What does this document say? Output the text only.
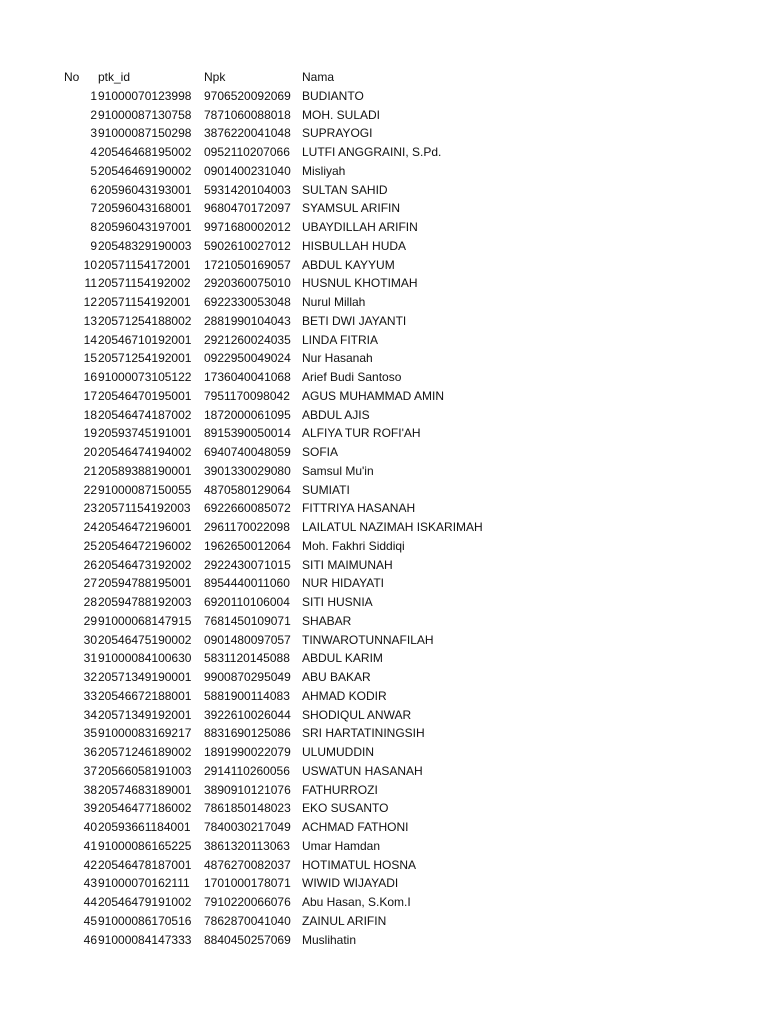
No ptk_id	Npk	Nama
1 91000070123998 9706520092069 BUDIANTO
2 91000087130758 7871060088018 MOH. SULADI
3 91000087150298 3876220041048 SUPRAYOGI
4 20546468195002 0952110207066 LUTFI ANGGRAINI, S.Pd.
5 20546469190002 0901400231040 Misliyah
6 20596043193001 5931420104003 SULTAN SAHID
7 20596043168001 9680470172097 SYAMSUL ARIFIN
8 20596043197001 9971680002012 UBAYDILLAH ARIFIN
9 20548329190003 5902610027012 HISBULLAH HUDA
10 20571154172001 1721050169057 ABDUL KAYYUM
11 20571154192002 2920360075010 HUSNUL KHOTIMAH
12 20571154192001 6922330053048 Nurul Millah
13 20571254188002 2881990104043 BETI DWI JAYANTI
14 20546710192001 2921260024035 LINDA FITRIA
15 20571254192001 0922950049024 Nur Hasanah
16 91000073105122 1736040041068 Arief Budi Santoso
17 20546470195001 7951170098042 AGUS MUHAMMAD AMIN
18 20546474187002 1872000061095 ABDUL AJIS
19 20593745191001 8915390050014 ALFIYA TUR ROFI'AH
20 20546474194002 6940740048059 SOFIA
21 20589388190001 3901330029080 Samsul Mu'in
22 91000087150055 4870580129064 SUMIATI
23 20571154192003 6922660085072 FITTRIYA HASANAH
24 20546472196001 2961170022098 LAILATUL NAZIMAH ISKARIMAH
25 20546472196002 1962650012064 Moh. Fakhri Siddiqi
26 20546473192002 2922430071015 SITI MAIMUNAH
27 20594788195001 8954440011060 NUR HIDAYATI
28 20594788192003 6920110106004 SITI HUSNIA
29 91000068147915 7681450109071 SHABAR
30 20546475190002 0901480097057 TINWAROTUNNAFILAH
31 91000084100630 5831120145088 ABDUL KARIM
32 20571349190001 9900870295049 ABU BAKAR
33 20546672188001 5881900114083 AHMAD KODIR
34 20571349192001 3922610026044 SHODIQUL ANWAR
35 91000083169217 8831690125086 SRI HARTATININGSIH
36 20571246189002 1891990022079 ULUMUDDIN
37 20566058191003 2914110260056 USWATUN HASANAH
38 20574683189001 3890910121076 FATHURROZI
39 20546477186002 7861850148023 EKO SUSANTO
40 20593661184001 7840030217049 ACHMAD FATHONI
41 91000086165225 3861320113063 Umar Hamdan
42 20546478187001 4876270082037 HOTIMATUL HOSNA
43 91000070162111 1701000178071 WIWID WIJAYADI
44 20546479191002 7910220066076 Abu Hasan, S.Kom.I
45 91000086170516 7862870041040 ZAINUL ARIFIN
46 91000084147333 8840450257069 Muslihatin
